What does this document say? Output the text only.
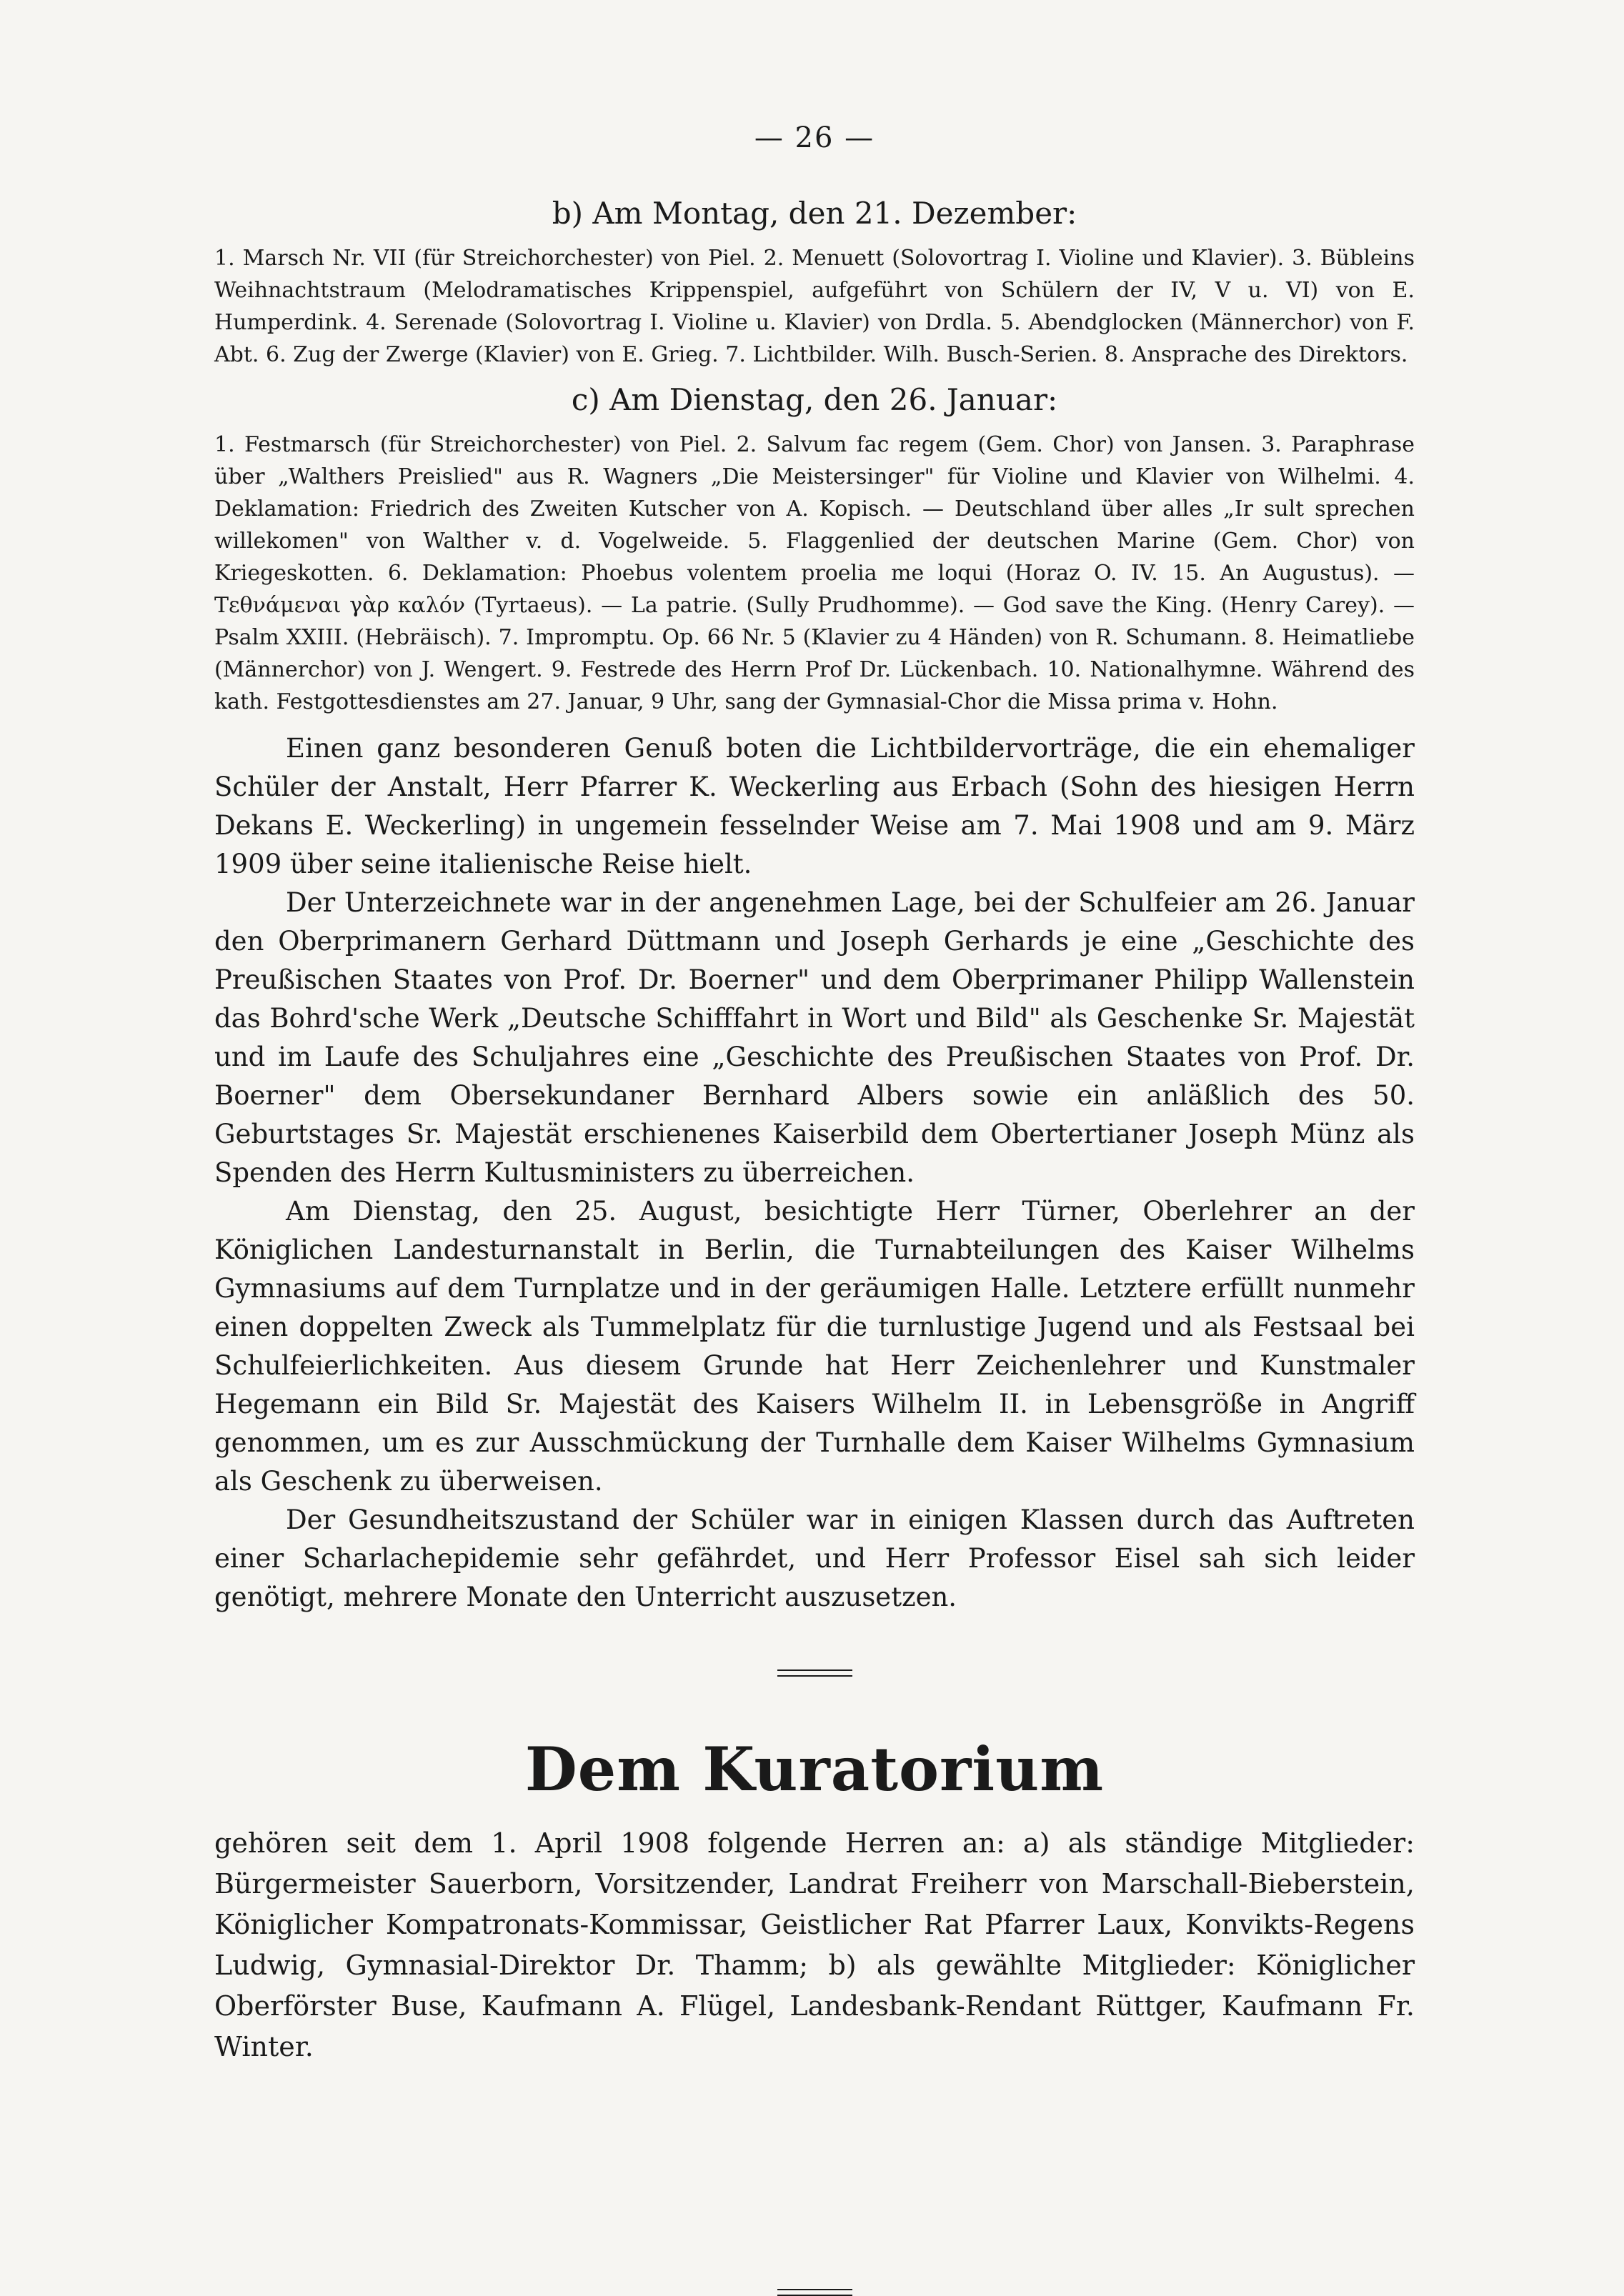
— 26 —
b) Am Montag, den 21. Dezember:

1. Marsch Nr. VII (für Streichorchester) von Piel. 2. Menuett (Solovortrag I. Violine und Klavier). 3. Bübleins Weihnachtstraum (Melodramatisches Krippenspiel, aufgeführt von Schülern der IV, V u. VI) von E. Humperdink. 4. Serenade (Solovortrag I. Violine u. Klavier) von Drdla. 5. Abendglocken (Männerchor) von F. Abt. 6. Zug der Zwerge (Klavier) von E. Grieg. 7. Lichtbilder. Wilh. Busch-Serien. 8. Ansprache des Direktors.

c) Am Dienstag, den 26. Januar:

1. Festmarsch (für Streichorchester) von Piel. 2. Salvum fac regem (Gem. Chor) von Jansen. 3. Paraphrase über „Walthers Preislied" aus R. Wagners „Die Meistersinger" für Violine und Klavier von Wilhelmi. 4. Deklamation: Friedrich des Zweiten Kutscher von A. Kopisch. — Deutschland über alles „Ir sult sprechen willekomen" von Walther v. d. Vogelweide. 5. Flaggenlied der deutschen Marine (Gem. Chor) von Kriegeskotten. 6. Deklamation: Phoebus volentem proelia me loqui (Horaz O. IV. 15. An Augustus). — Τεθνάμεναι γὰρ καλόν (Tyrtaeus). — La patrie. (Sully Prudhomme). — God save the King. (Henry Carey). — Psalm XXIII. (Hebräisch). 7. Impromptu. Op. 66 Nr. 5 (Klavier zu 4 Händen) von R. Schumann. 8. Heimatliebe (Männerchor) von J. Wengert. 9. Festrede des Herrn Prof Dr. Lückenbach. 10. Nationalhymne. Während des kath. Festgottesdienstes am 27. Januar, 9 Uhr, sang der Gymnasial-Chor die Missa prima v. Hohn.

Einen ganz besonderen Genuß boten die Lichtbildervorträge, die ein ehemaliger Schüler der Anstalt, Herr Pfarrer K. Weckerling aus Erbach (Sohn des hiesigen Herrn Dekans E. Weckerling) in ungemein fesselnder Weise am 7. Mai 1908 und am 9. März 1909 über seine italienische Reise hielt.

Der Unterzeichnete war in der angenehmen Lage, bei der Schulfeier am 26. Januar den Oberprimanern Gerhard Düttmann und Joseph Gerhards je eine „Geschichte des Preußischen Staates von Prof. Dr. Boerner" und dem Oberprimaner Philipp Wallenstein das Bohrd'sche Werk „Deutsche Schifffahrt in Wort und Bild" als Geschenke Sr. Majestät und im Laufe des Schuljahres eine „Geschichte des Preußischen Staates von Prof. Dr. Boerner" dem Obersekundaner Bernhard Albers sowie ein anläßlich des 50. Geburtstages Sr. Majestät erschienenes Kaiserbild dem Obertertianer Joseph Münz als Spenden des Herrn Kultusministers zu überreichen.

Am Dienstag, den 25. August, besichtigte Herr Türner, Oberlehrer an der Königlichen Landesturnanstalt in Berlin, die Turnabteilungen des Kaiser Wilhelms Gymnasiums auf dem Turnplatze und in der geräumigen Halle. Letztere erfüllt nunmehr einen doppelten Zweck als Tummelplatz für die turnlustige Jugend und als Festsaal bei Schulfeierlichkeiten. Aus diesem Grunde hat Herr Zeichenlehrer und Kunstmaler Hegemann ein Bild Sr. Majestät des Kaisers Wilhelm II. in Lebensgröße in Angriff genommen, um es zur Ausschmückung der Turnhalle dem Kaiser Wilhelms Gymnasium als Geschenk zu überweisen.

Der Gesundheitszustand der Schüler war in einigen Klassen durch das Auftreten einer Scharlachepidemie sehr gefährdet, und Herr Professor Eisel sah sich leider genötigt, mehrere Monate den Unterricht auszusetzen.

Dem Kuratorium

gehören seit dem 1. April 1908 folgende Herren an: a) als ständige Mitglieder: Bürgermeister Sauerborn, Vorsitzender, Landrat Freiherr von Marschall-Bieberstein, Königlicher Kompatronats-Kommissar, Geistlicher Rat Pfarrer Laux, Konvikts-Regens Ludwig, Gymnasial-Direktor Dr. Thamm; b) als gewählte Mitglieder: Königlicher Oberförster Buse, Kaufmann A. Flügel, Landesbank-Rendant Rüttger, Kaufmann Fr. Winter.
